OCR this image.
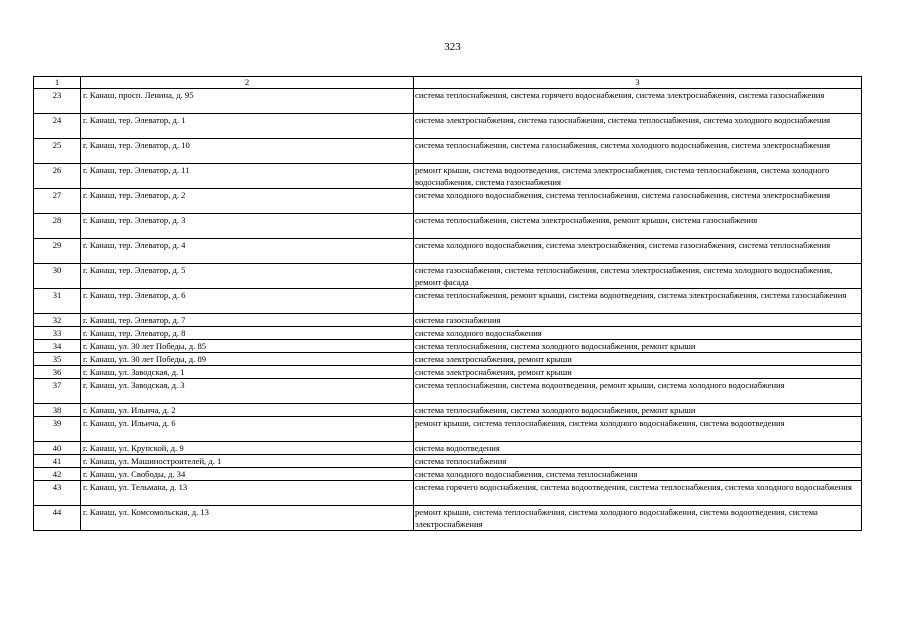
323
1	2	3
23	г. Канаш, просп. Ленина, д. 95	система теплоснабжения, система горячего водоснабжения, система электроснабжения, система газоснабжения
24	г. Канаш, тер. Элеватор, д. 1	система электроснабжения, система газоснабжения, система теплоснабжения, система холодного водоснабжения
25	г. Канаш, тер. Элеватор, д. 10	система теплоснабжения, система газоснабжения, система холодного водоснабжения, система электроснабжения
26	г. Канаш, тер. Элеватор, д. 11	ремонт крыши, система водоотведения, система электроснабжения, система теплоснабжения, система холодного водоснабжения, система газоснабжения
27	г. Канаш, тер. Элеватор, д. 2	система холодного водоснабжения, система теплоснабжения, система газоснабжения, система электроснабжения
28	г. Канаш, тер. Элеватор, д. 3	система теплоснабжения, система электроснабжения, ремонт крыши, система газоснабжения
29	г. Канаш, тер. Элеватор, д. 4	система холодного водоснабжения, система электроснабжения, система газоснабжения, система теплоснабжения
30	г. Канаш, тер. Элеватор, д. 5	система газоснабжения, система теплоснабжения, система электроснабжения, система холодного водоснабжения, ремонт фасада
31	г. Канаш, тер. Элеватор, д. 6	система теплоснабжения, ремонт крыши, система водоотведения, система электроснабжения, система газоснабжения
32	г. Канаш, тер. Элеватор, д. 7	система газоснабжения
33	г. Канаш, тер. Элеватор, д. 8	система холодного водоснабжения
34	г. Канаш, ул. 30 лет Победы, д. 85	система теплоснабжения, система холодного водоснабжения, ремонт крыши
35	г. Канаш, ул. 30 лет Победы, д. 89	система электроснабжения, ремонт крыши
36	г. Канаш, ул. Заводская, д. 1	система электроснабжения, ремонт крыши
37	г. Канаш, ул. Заводская, д. 3	система теплоснабжения, система водоотведения, ремонт крыши, система холодного водоснабжения
38	г. Канаш, ул. Ильича, д. 2	система теплоснабжения, система холодного водоснабжения, ремонт крыши
39	г. Канаш, ул. Ильича, д. 6	ремонт крыши, система теплоснабжения, система холодного водоснабжения, система водоотведения
40	г. Канаш, ул. Крупской, д. 9	система водоотведения
41	г. Канаш, ул. Машиностроителей, д. 1	система теплоснабжения
42	г. Канаш, ул. Свободы, д. 34	система холодного водоснабжения, система теплоснабжения
43	г. Канаш, ул. Тельмана, д. 13	система горячего водоснабжения, система водоотведения, система теплоснабжения, система холодного водоснабжения
44	г. Канаш, ул. Комсомольская, д. 13	ремонт крыши, система теплоснабжения, система холодного водоснабжения, система водоотведения, система электроснабжения
